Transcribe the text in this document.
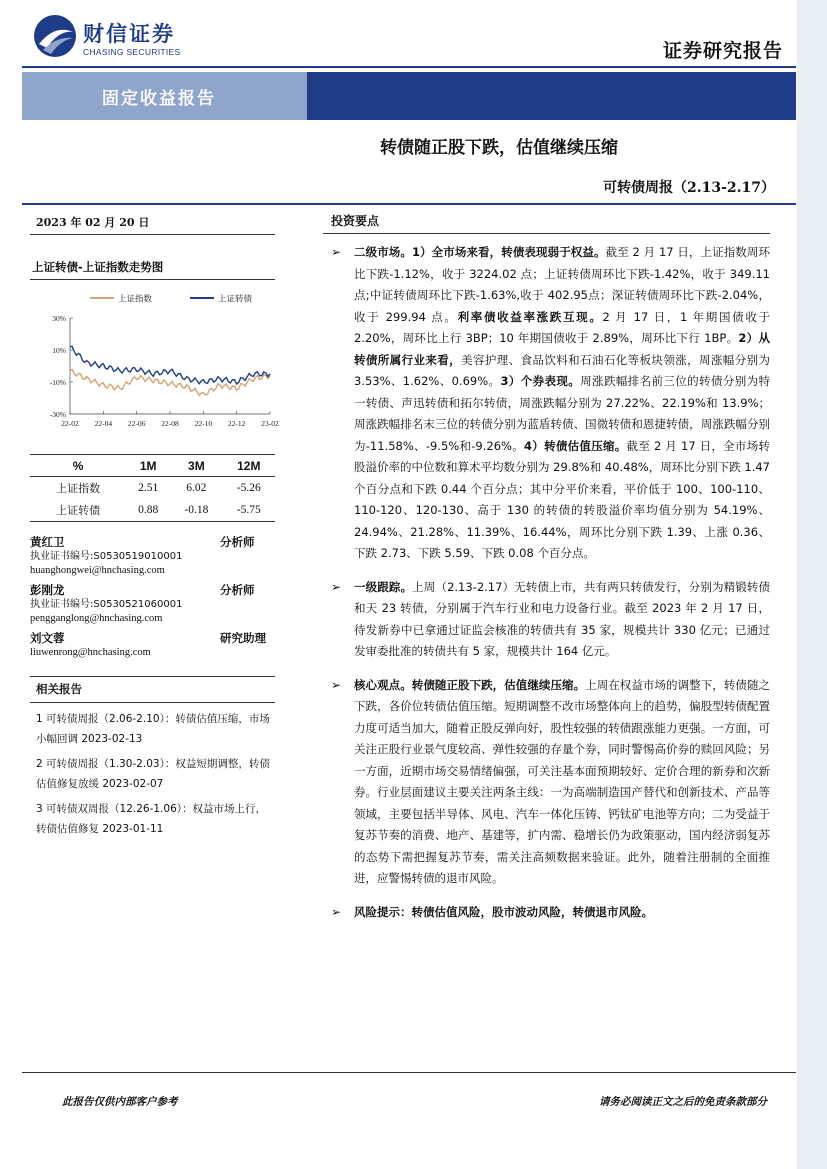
财信证券
CHASING SECURITIES	证券研究报告
固定收益报告
转债随正股下跌，估值继续压缩
可转债周报（2.13-2.17）
2023 年 02 月 20 日
上证转债-上证指数走势图
上证指数	上证转债
30%
10%
-10%
-30%
22-02 22-04 22-06 22-08 22-10 22-12 23-02
%	1M	3M	12M
上证指数	2.51	6.02	-5.26
上证转债	0.88	-0.18	-5.75
黄红卫	分析师
执业证书编号:S0530519010001
huanghongwei@hnchasing.com
彭刚龙	分析师
执业证书编号:S0530521060001
pengganglong@hnchasing.com
刘文蓉	研究助理
liuwenrong@hnchasing.com
相关报告

1 可转债周报（2.06-2.10）：转债估值压缩，市场小幅回调 2023-02-13

2 可转债周报（1.30-2.03）：权益短期调整，转债估值修复放缓 2023-02-07

3 可转债双周报（12.26-1.06）：权益市场上行，转债估值修复 2023-01-11

投资要点
➢ 二级市场。1）全市场来看，转债表现弱于权益。截至 2 月 17 日，上证指数周环比下跌-1.12%，收于 3224.02 点；上证转债周环比下跌-1.42%，收于 349.11 点;中证转债周环比下跌-1.63%,收于 402.95点；深证转债周环比下跌-2.04%，收于 299.94 点。利率债收益率涨跌互现。2 月 17 日，1 年期国债收于 2.20%，周环比上行 3BP；10 年期国债收于 2.89%，周环比下行 1BP。2）从转债所属行业来看，美容护理、食品饮料和石油石化等板块领涨，周涨幅分别为 3.53%、1.62%、0.69%。3）个券表现。周涨跌幅排名前三位的转债分别为特一转债、声迅转债和拓尔转债，周涨跌幅分别为 27.22%、22.19%和 13.9%；周涨跌幅排名末三位的转债分别为蓝盾转债、国微转债和恩捷转债，周涨跌幅分别为-11.58%、-9.5%和-9.26%。4）转债估值压缩。截至 2 月 17 日，全市场转股溢价率的中位数和算术平均数分别为 29.8%和 40.48%，周环比分别下跌 1.47 个百分点和下跌 0.44 个百分点；其中分平价来看，平价低于 100、100-110、110-120、120-130、高于 130 的转债的转股溢价率均值分别为 54.19%、24.94%、21.28%、11.39%、16.44%，周环比分别下跌 1.39、上涨 0.36、下跌 2.73、下跌 5.59、下跌 0.08 个百分点。
➢ 一级跟踪。上周（2.13-2.17）无转债上市，共有两只转债发行，分别为精锻转债和天 23 转债，分别属于汽车行业和电力设备行业。截至 2023 年 2 月 17 日，待发新券中已拿通过证监会核准的转债共有 35 家，规模共计 330 亿元；已通过发审委批准的转债共有 5 家，规模共计 164 亿元。
➢ 核心观点。转债随正股下跌，估值继续压缩。上周在权益市场的调整下，转债随之下跌，各价位转债估值压缩。短期调整不改市场整体向上的趋势，偏股型转债配置力度可适当加大，随着正股反弹向好，股性较强的转债跟涨能力更强。一方面，可关注正股行业景气度较高、弹性较强的存量个券，同时警惕高价券的赎回风险；另一方面，近期市场交易情绪偏强，可关注基本面预期较好、定价合理的新券和次新券。行业层面建议主要关注两条主线：一为高端制造国产替代和创新技术、产品等领域，主要包括半导体、风电、汽车一体化压铸、钙钛矿电池等方向；二为受益于复苏节奏的消费、地产、基建等，扩内需、稳增长仍为政策驱动，国内经济弱复苏的态势下需把握复苏节奏，需关注高频数据来验证。此外，随着注册制的全面推进，应警惕转债的退市风险。
➢ 风险提示：转债估值风险，股市波动风险，转债退市风险。
此报告仅供内部客户参考	请务必阅读正文之后的免责条款部分
